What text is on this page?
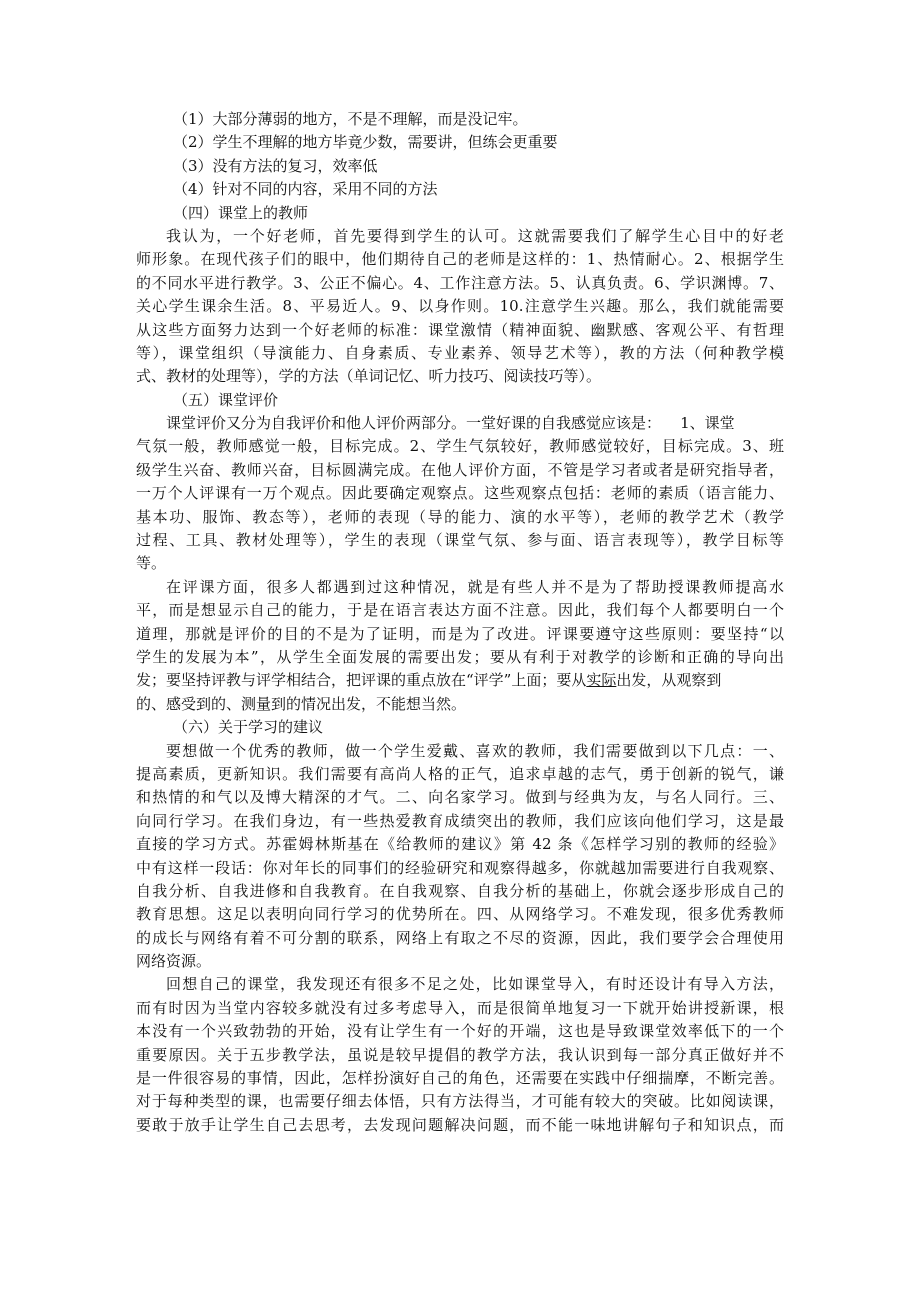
（1）大部分薄弱的地方，不是不理解，而是没记牢。
（2）学生不理解的地方毕竟少数，需要讲，但练会更重要
（3）没有方法的复习，效率低
（4）针对不同的内容，采用不同的方法
（四）课堂上的教师
我认为，一个好老师，首先要得到学生的认可。这就需要我们了解学生心目中的好老
师形象。在现代孩子们的眼中，他们期待自己的老师是这样的：1、热情耐心。2、根据学生
的不同水平进行教学。3、公正不偏心。4、工作注意方法。5、认真负责。6、学识渊博。7、
关心学生课余生活。8、平易近人。9、以身作则。10.注意学生兴趣。那么，我们就能需要
从这些方面努力达到一个好老师的标准：课堂激情（精神面貌、幽默感、客观公平、有哲理
等），课堂组织（导演能力、自身素质、专业素养、领导艺术等），教的方法（何种教学模
式、教材的处理等），学的方法（单词记忆、听力技巧、阅读技巧等）。
（五）课堂评价
课堂评价又分为自我评价和他人评价两部分。一堂好课的自我感觉应该是：    1、课堂
气氛一般，教师感觉一般，目标完成。2、学生气氛较好，教师感觉较好，目标完成。3、班
级学生兴奋、教师兴奋，目标圆满完成。在他人评价方面，不管是学习者或者是研究指导者，
一万个人评课有一万个观点。因此要确定观察点。这些观察点包括：老师的素质（语言能力、
基本功、服饰、教态等），老师的表现（导的能力、演的水平等），老师的教学艺术（教学
过程、工具、教材处理等），学生的表现（课堂气氛、参与面、语言表现等），教学目标等
等。
在评课方面，很多人都遇到过这种情况，就是有些人并不是为了帮助授课教师提高水
平，而是想显示自己的能力，于是在语言表达方面不注意。因此，我们每个人都要明白一个
道理，那就是评价的目的不是为了证明，而是为了改进。评课要遵守这些原则：要坚持“以
学生的发展为本”，从学生全面发展的需要出发；要从有利于对教学的诊断和正确的导向出
发；要坚持评教与评学相结合，把评课的重点放在“评学”上面；要从实际出发，从观察到
的、感受到的、测量到的情况出发，不能想当然。
（六）关于学习的建议
要想做一个优秀的教师，做一个学生爱戴、喜欢的教师，我们需要做到以下几点：一、
提高素质，更新知识。我们需要有高尚人格的正气，追求卓越的志气，勇于创新的锐气，谦
和热情的和气以及博大精深的才气。二、向名家学习。做到与经典为友，与名人同行。三、
向同行学习。在我们身边，有一些热爱教育成绩突出的教师，我们应该向他们学习，这是最
直接的学习方式。苏霍姆林斯基在《给教师的建议》第 42 条《怎样学习别的教师的经验》
中有这样一段话：你对年长的同事们的经验研究和观察得越多，你就越加需要进行自我观察、
自我分析、自我进修和自我教育。在自我观察、自我分析的基础上，你就会逐步形成自己的
教育思想。这足以表明向同行学习的优势所在。四、从网络学习。不难发现，很多优秀教师
的成长与网络有着不可分割的联系，网络上有取之不尽的资源，因此，我们要学会合理使用
网络资源。
回想自己的课堂，我发现还有很多不足之处，比如课堂导入，有时还设计有导入方法，
而有时因为当堂内容较多就没有过多考虑导入，而是很简单地复习一下就开始讲授新课，根
本没有一个兴致勃勃的开始，没有让学生有一个好的开端，这也是导致课堂效率低下的一个
重要原因。关于五步教学法，虽说是较早提倡的教学方法，我认识到每一部分真正做好并不
是一件很容易的事情，因此，怎样扮演好自己的角色，还需要在实践中仔细揣摩，不断完善。
对于每种类型的课，也需要仔细去体悟，只有方法得当，才可能有较大的突破。比如阅读课，
要敢于放手让学生自己去思考，去发现问题解决问题，而不能一味地讲解句子和知识点，而
